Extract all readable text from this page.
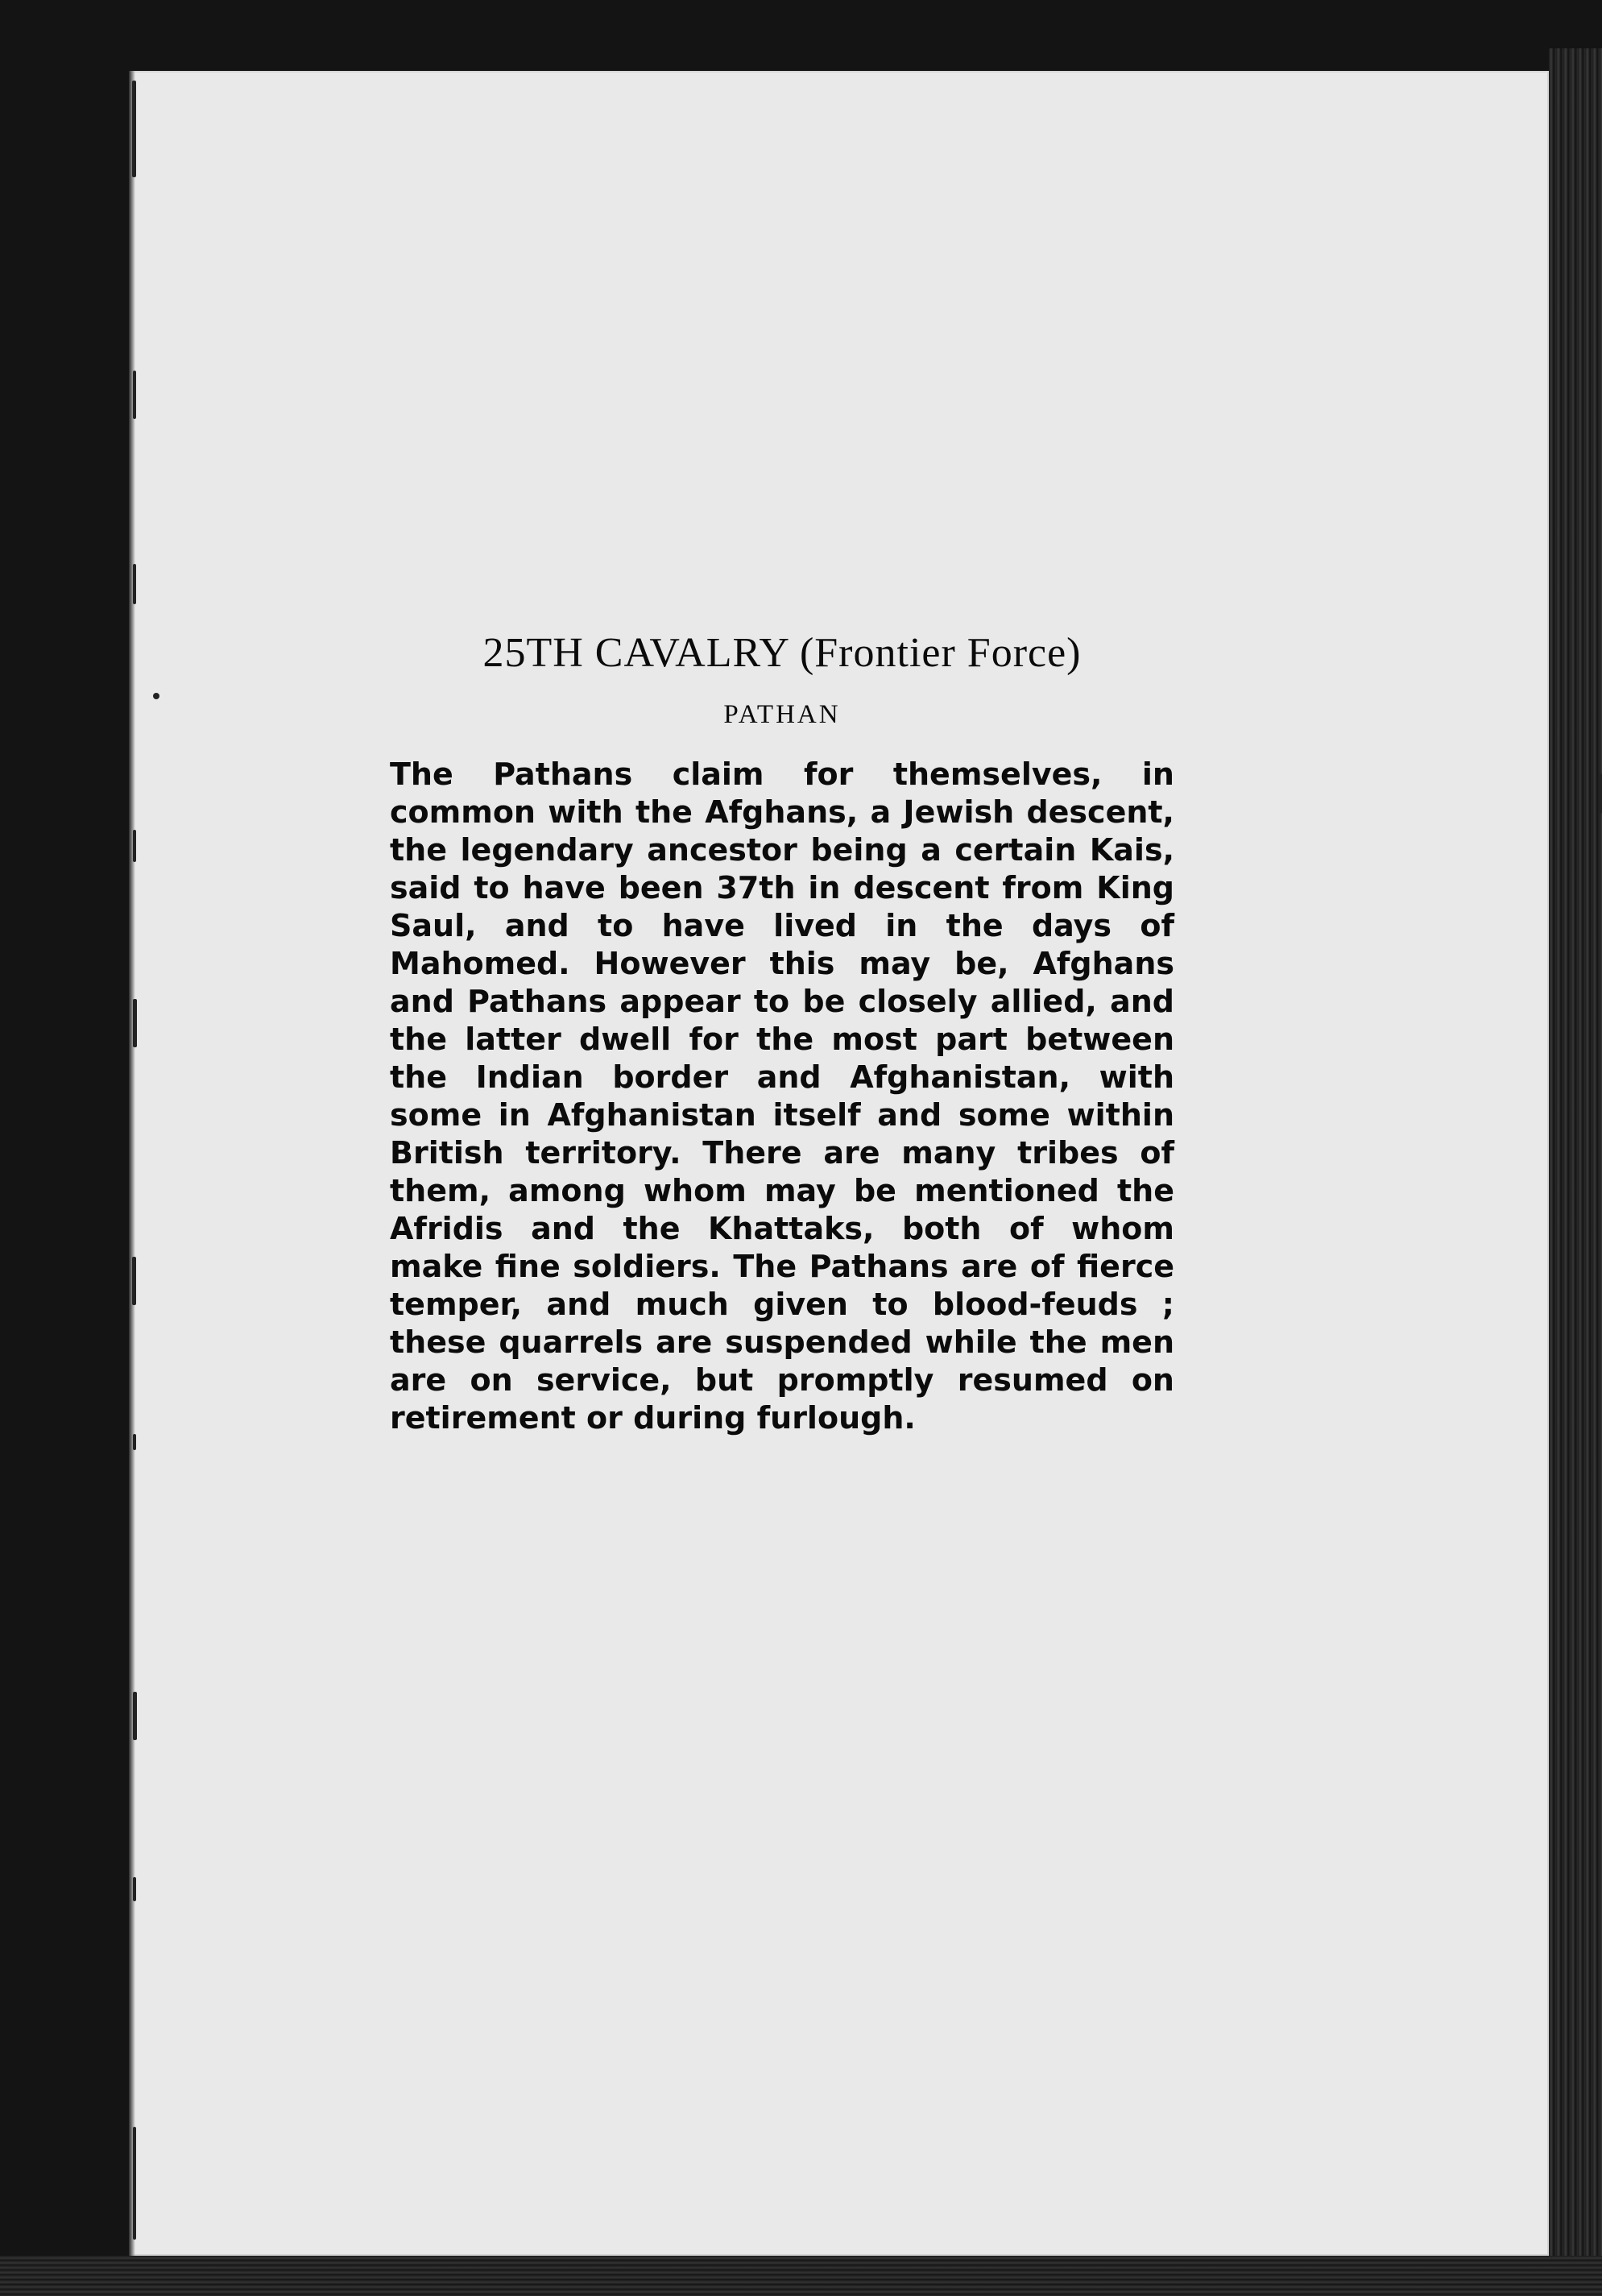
25TH CAVALRY (Frontier Force)
PATHAN

The Pathans claim for themselves, in common with the Afghans, a Jewish descent, the legendary ancestor being a certain Kais, said to have been 37th in descent from King Saul, and to have lived in the days of Mahomed. However this may be, Afghans and Pathans appear to be closely allied, and the latter dwell for the most part between the Indian border and Afghanistan, with some in Afghanistan itself and some within British territory. There are many tribes of them, among whom may be mentioned the Afridis and the Khattaks, both of whom make fine soldiers. The Pathans are of fierce temper, and much given to blood-feuds ; these quarrels are suspended while the men are on service, but promptly resumed on retirement or during furlough.
